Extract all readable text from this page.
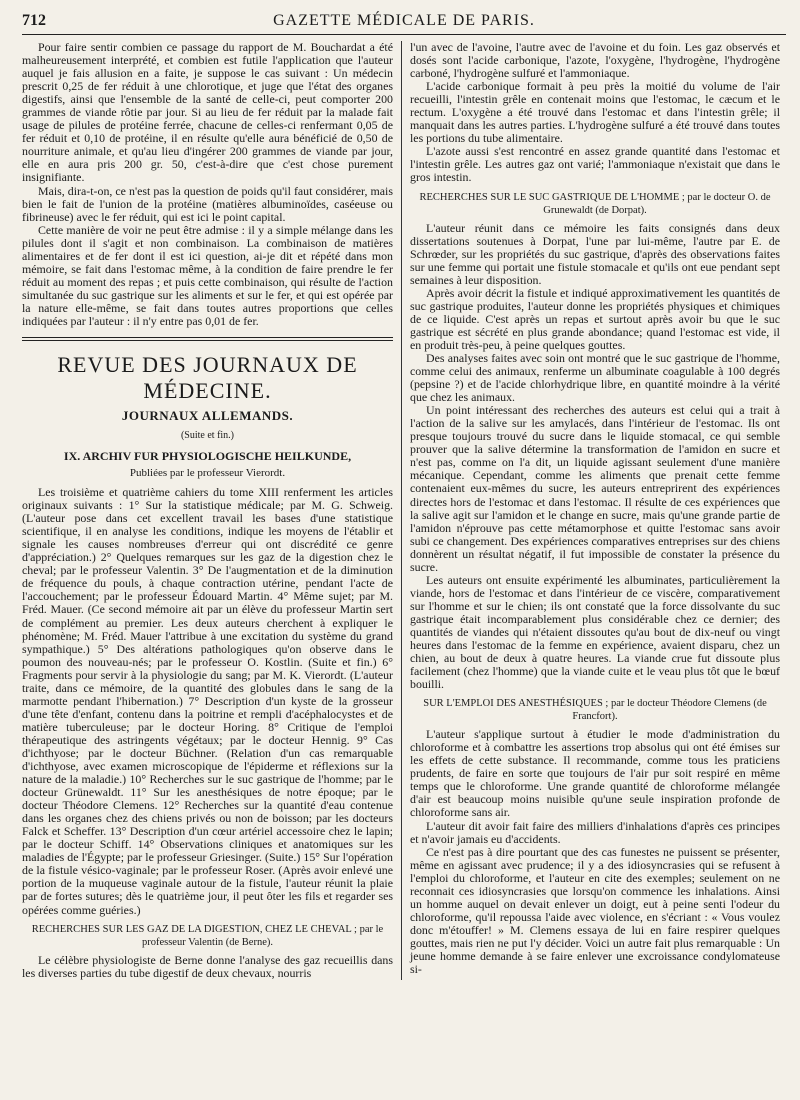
712	GAZETTE MÉDICALE DE PARIS.

Pour faire sentir combien ce passage du rapport de M. Bouchardat a été malheureusement interprété, et combien est futile l'application que l'auteur auquel je fais allusion en a faite, je suppose le cas suivant : Un médecin prescrit 0,25 de fer réduit à une chlorotique, et juge que l'état des organes digestifs, ainsi que l'ensemble de la santé de celle-ci, peut comporter 200 grammes de viande rôtie par jour. Si au lieu de fer réduit par la malade fait usage de pilules de protéine ferrée, chacune de celles-ci renfermant 0,05 de fer réduit et 0,10 de protéine, il en résulte qu'elle aura bénéficié de 0,50 de nourriture animale, et qu'au lieu d'ingérer 200 grammes de viande par jour, elle en aura pris 200 gr. 50, c'est-à-dire que c'est chose purement insignifiante.

Mais, dira-t-on, ce n'est pas la question de poids qu'il faut considérer, mais bien le fait de l'union de la protéine (matières albuminoïdes, caséeuse ou fibrineuse) avec le fer réduit, qui est ici le point capital.

Cette manière de voir ne peut être admise : il y a simple mélange dans les pilules dont il s'agit et non combinaison. La combinaison de matières alimentaires et de fer dont il est ici question, ai-je dit et répété dans mon mémoire, se fait dans l'estomac même, à la condition de faire prendre le fer réduit au moment des repas ; et puis cette combinaison, qui résulte de l'action simultanée du suc gastrique sur les aliments et sur le fer, et qui est opérée par la nature elle-même, se fait dans toutes autres proportions que celles indiquées par l'auteur : il n'y entre pas 0,01 de fer.

REVUE DES JOURNAUX DE MÉDECINE.
JOURNAUX ALLEMANDS.
(Suite et fin.)
IX. ARCHIV FUR PHYSIOLOGISCHE HEILKUNDE,
Publiées par le professeur Vierordt.

Les troisième et quatrième cahiers du tome XIII renferment les articles originaux suivants : 1° Sur la statistique médicale; par M. G. Schweig. (L'auteur pose dans cet excellent travail les bases d'une statistique scientifique, il en analyse les conditions, indique les moyens de l'établir et signale les causes nombreuses d'erreur qui ont discrédité ce genre d'appréciation.) 2° Quelques remarques sur les gaz de la digestion chez le cheval; par le professeur Valentin. 3° De l'augmentation et de la diminution de fréquence du pouls, à chaque contraction utérine, pendant l'acte de l'accouchement; par le professeur Édouard Martin. 4° Même sujet; par M. Fréd. Mauer. (Ce second mémoire ait par un élève du professeur Martin sert de complément au premier. Les deux auteurs cherchent à expliquer le phénomène; M. Fréd. Mauer l'attribue à une excitation du système du grand sympathique.) 5° Des altérations pathologiques qu'on observe dans le poumon des nouveau-nés; par le professeur O. Kostlin. (Suite et fin.) 6° Fragments pour servir à la physiologie du sang; par M. K. Vierordt. (L'auteur traite, dans ce mémoire, de la quantité des globules dans le sang de la marmotte pendant l'hibernation.) 7° Description d'un kyste de la grosseur d'une tête d'enfant, contenu dans la poitrine et rempli d'acéphalocystes et de matière tuberculeuse; par le docteur Horing. 8° Critique de l'emploi thérapeutique des astringents végétaux; par le docteur Hennig. 9° Cas d'ichthyose; par le docteur Büchner. (Relation d'un cas remarquable d'ichthyose, avec examen microscopique de l'épiderme et réflexions sur la nature de la maladie.) 10° Recherches sur le suc gastrique de l'homme; par le docteur Grünewaldt. 11° Sur les anesthésiques de notre époque; par le docteur Théodore Clemens. 12° Recherches sur la quantité d'eau contenue dans les organes chez des chiens privés ou non de boisson; par les docteurs Falck et Scheffer. 13° Description d'un cœur artériel accessoire chez le lapin; par le docteur Schiff. 14° Observations cliniques et anatomiques sur les maladies de l'Égypte; par le professeur Griesinger. (Suite.) 15° Sur l'opération de la fistule vésico-vaginale; par le professeur Roser. (Après avoir enlevé une portion de la muqueuse vaginale autour de la fistule, l'auteur réunit la plaie par de fortes sutures; dès le quatrième jour, il peut ôter les fils et regarder ses opérées comme guéries.)

RECHERCHES SUR LES GAZ DE LA DIGESTION, CHEZ LE CHEVAL ; par le professeur Valentin (de Berne).

Le célèbre physiologiste de Berne donne l'analyse des gaz recueillis dans les diverses parties du tube digestif de deux chevaux, nourris

l'un avec de l'avoine, l'autre avec de l'avoine et du foin. Les gaz observés et dosés sont l'acide carbonique, l'azote, l'oxygène, l'hydrogène, l'hydrogène carboné, l'hydrogène sulfuré et l'ammoniaque.

L'acide carbonique formait à peu près la moitié du volume de l'air recueilli, l'intestin grêle en contenait moins que l'estomac, le cæcum et le rectum. L'oxygène a été trouvé dans l'estomac et dans l'intestin grêle; il manquait dans les autres parties. L'hydrogène sulfuré a été trouvé dans toutes les portions du tube alimentaire.

L'azote aussi s'est rencontré en assez grande quantité dans l'estomac et l'intestin grêle. Les autres gaz ont varié; l'ammoniaque n'existait que dans le gros intestin.

RECHERCHES SUR LE SUC GASTRIQUE DE L'HOMME ; par le docteur O. de Grunewaldt (de Dorpat).

L'auteur réunit dans ce mémoire les faits consignés dans deux dissertations soutenues à Dorpat, l'une par lui-même, l'autre par E. de Schrœder, sur les propriétés du suc gastrique, d'après des observations faites sur une femme qui portait une fistule stomacale et qu'ils ont eue pendant sept semaines à leur disposition.

Après avoir décrit la fistule et indiqué approximativement les quantités de suc gastrique produites, l'auteur donne les propriétés physiques et chimiques de ce liquide. C'est après un repas et surtout après avoir bu que le suc gastrique est sécrété en plus grande abondance; quand l'estomac est vide, il en produit très-peu, à peine quelques gouttes.

Des analyses faites avec soin ont montré que le suc gastrique de l'homme, comme celui des animaux, renferme un albuminate coagulable à 100 degrés (pepsine ?) et de l'acide chlorhydrique libre, en quantité moindre à la vérité que chez les animaux.

Un point intéressant des recherches des auteurs est celui qui a trait à l'action de la salive sur les amylacés, dans l'intérieur de l'estomac. Ils ont presque toujours trouvé du sucre dans le liquide stomacal, ce qui semble prouver que la salive détermine la transformation de l'amidon en sucre et n'est pas, comme on l'a dit, un liquide agissant seulement d'une manière mécanique. Cependant, comme les aliments que prenait cette femme contenaient eux-mêmes du sucre, les auteurs entreprirent des expériences directes hors de l'estomac et dans l'estomac. Il résulte de ces expériences que la salive agit sur l'amidon et le change en sucre, mais qu'une grande partie de l'amidon n'éprouve pas cette métamorphose et quitte l'estomac sans avoir subi ce changement. Des expériences comparatives entreprises sur des chiens donnèrent un résultat négatif, il fut impossible de constater la présence du sucre.

Les auteurs ont ensuite expérimenté les albuminates, particulièrement la viande, hors de l'estomac et dans l'intérieur de ce viscère, comparativement sur l'homme et sur le chien; ils ont constaté que la force dissolvante du suc gastrique était incomparablement plus considérable chez ce dernier; des quantités de viandes qui n'étaient dissoutes qu'au bout de dix-neuf ou vingt heures dans l'estomac de la femme en expérience, avaient disparu, chez un chien, au bout de deux à quatre heures. La viande crue fut dissoute plus facilement (chez l'homme) que la viande cuite et le veau plus tôt que le bœuf bouilli.

SUR L'EMPLOI DES ANESTHÉSIQUES ; par le docteur Théodore Clemens (de Francfort).

L'auteur s'applique surtout à étudier le mode d'administration du chloroforme et à combattre les assertions trop absolus qui ont été émises sur les effets de cette substance. Il recommande, comme tous les praticiens prudents, de faire en sorte que toujours de l'air pur soit respiré en même temps que le chloroforme. Une grande quantité de chloroforme mélangée d'air est beaucoup moins nuisible qu'une seule inspiration profonde de chloroforme sans air.

L'auteur dit avoir fait faire des milliers d'inhalations d'après ces principes et n'avoir jamais eu d'accidents.

Ce n'est pas à dire pourtant que des cas funestes ne puissent se présenter, même en agissant avec prudence; il y a des idiosyncrasies qui se refusent à l'emploi du chloroforme, et l'auteur en cite des exemples; seulement on ne reconnait ces idiosyncrasies que lorsqu'on commence les inhalations. Ainsi un homme auquel on devait enlever un doigt, eut à peine senti l'odeur du chloroforme, qu'il repoussa l'aide avec violence, en s'écriant : « Vous voulez donc m'étouffer! » M. Clemens essaya de lui en faire respirer quelques gouttes, mais rien ne put l'y décider. Voici un autre fait plus remarquable : Un jeune homme demande à se faire enlever une excroissance condylomateuse si-
